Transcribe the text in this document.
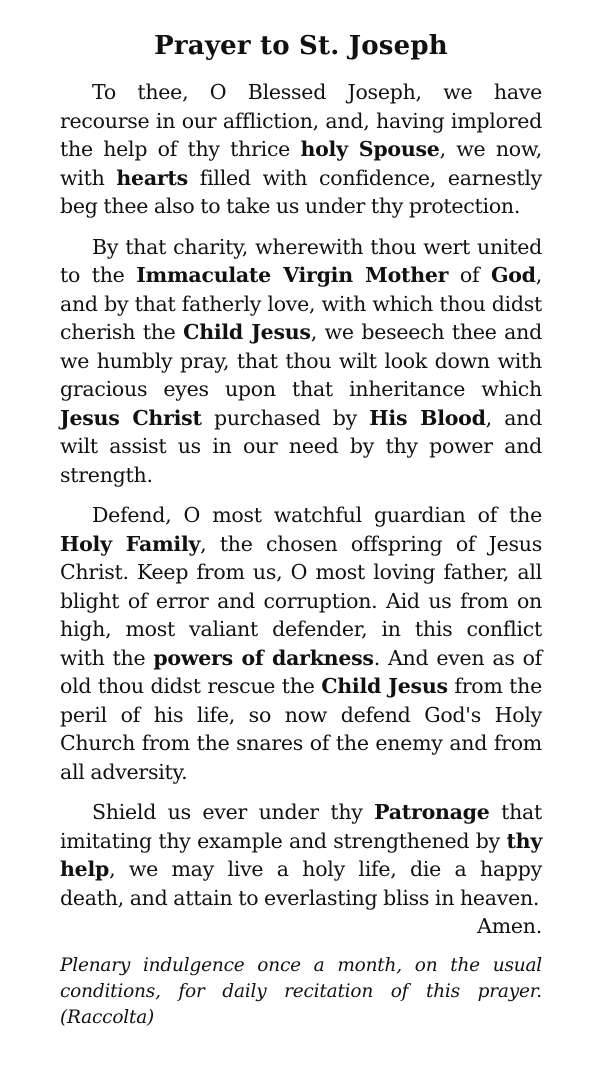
Prayer to St. Joseph

To thee, O Blessed Joseph, we have recourse in our affliction, and, having implored the help of thy thrice holy Spouse, we now, with hearts filled with confidence, earnestly beg thee also to take us under thy protection.

By that charity, wherewith thou wert united to the Immaculate Virgin Mother of God, and by that fatherly love, with which thou didst cherish the Child Jesus, we beseech thee and we humbly pray, that thou wilt look down with gracious eyes upon that inheritance which Jesus Christ purchased by His Blood, and wilt assist us in our need by thy power and strength.

Defend, O most watchful guardian of the Holy Family, the chosen offspring of Jesus Christ. Keep from us, O most loving father, all blight of error and corruption. Aid us from on high, most valiant defender, in this conflict with the powers of darkness. And even as of old thou didst rescue the Child Jesus from the peril of his life, so now defend God's Holy Church from the snares of the enemy and from all adversity.

Shield us ever under thy Patronage that imitating thy example and strengthened by thy help, we may live a holy life, die a happy death, and attain to everlasting bliss in heaven.
Amen.

Plenary indulgence once a month, on the usual conditions, for daily recitation of this prayer. (Raccolta)
